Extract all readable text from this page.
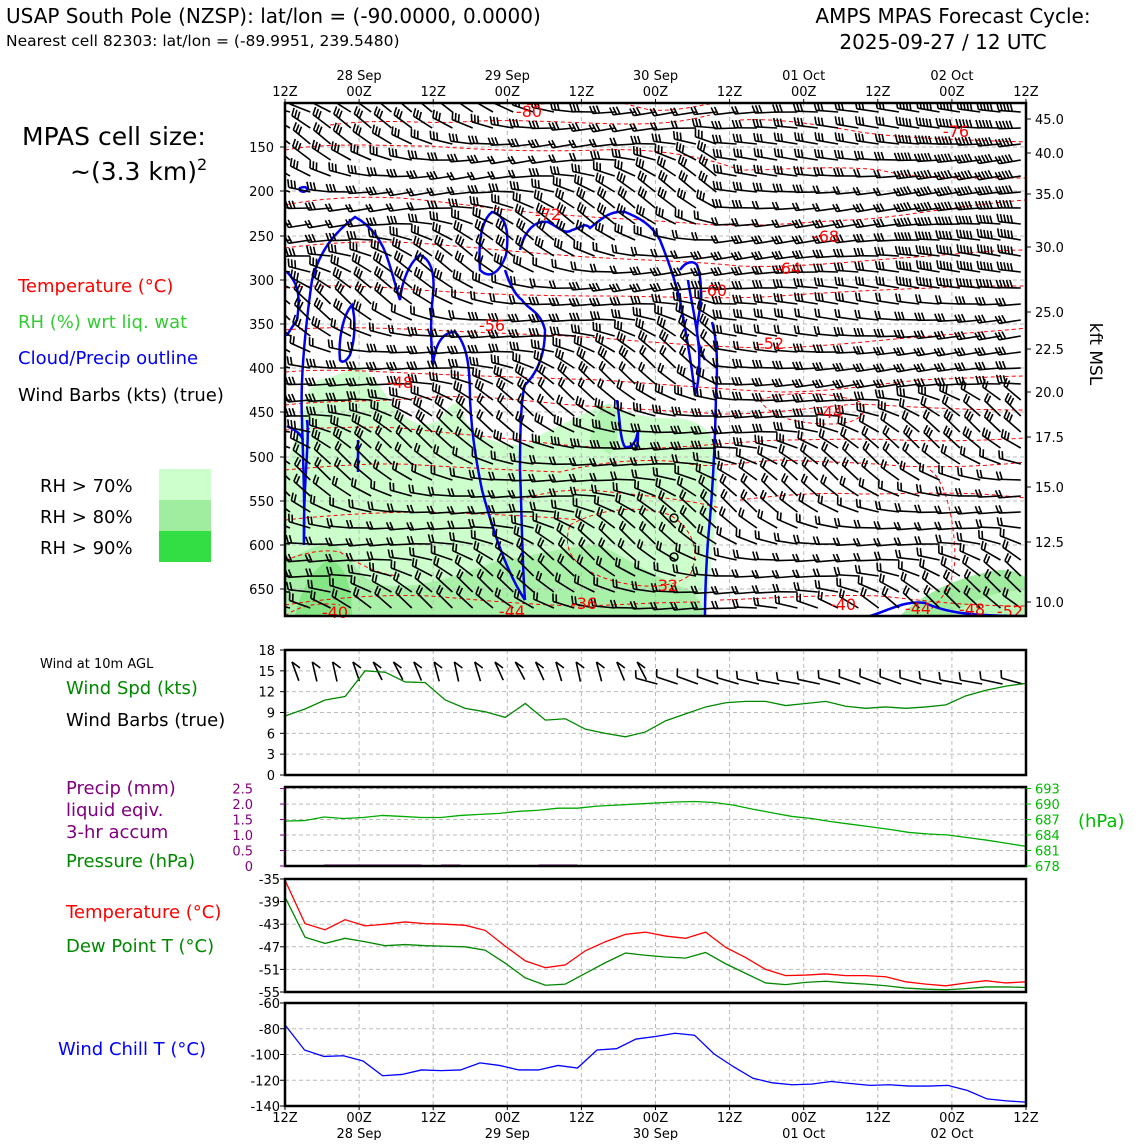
USAP South Pole (NZSP): lat/lon = (-90.0000, 0.0000)
Nearest cell 82303: lat/lon = (-89.9951, 239.5480)
AMPS MPAS Forecast Cycle:
2025-09-27 / 12 UTC
MPAS cell size:
~(3.3 km)$^2$
Temperature (°C)
RH (%) wrt liq. wat
Cloud/Precip outline
Wind Barbs (kts) (true)
RH > 70%
RH > 80%
RH > 90%
-80
-76
-72
-68
-64
-60
-56
-52
-48
-44	-44
-40	-40
-36
-32
-48 -52
-44
150
200
250
300
350
400
450
500
550
600
650
45.0
40.0
35.0
30.0
25.0
22.5
20.0
17.5
15.0
12.5
10.0
kft MSL
12Z	00Z	12Z	00Z	12Z	00Z	12Z	00Z	12Z	00Z	12Z
28 Sep	29 Sep	30 Sep	01 Oct	02 Oct
Wind at 10m AGL
Wind Spd (kts)
Wind Barbs (true)
18
15
12
9
6
3
0
Precip (mm)
liquid eqiv.
3-hr accum
Pressure (hPa)
2.5
2.0
1.5
1.0
0.5
0
693
690
687
684
681
678
(hPa)
Temperature (°C)
Dew Point T (°C)
-35
-39
-43
-47
-51
-55
Wind Chill T (°C)
-60
-80
-100
-120
-140
12Z	00Z	12Z	00Z	12Z	00Z	12Z	00Z	12Z	00Z	12Z
28 Sep	29 Sep	30 Sep	01 Oct	02 Oct
